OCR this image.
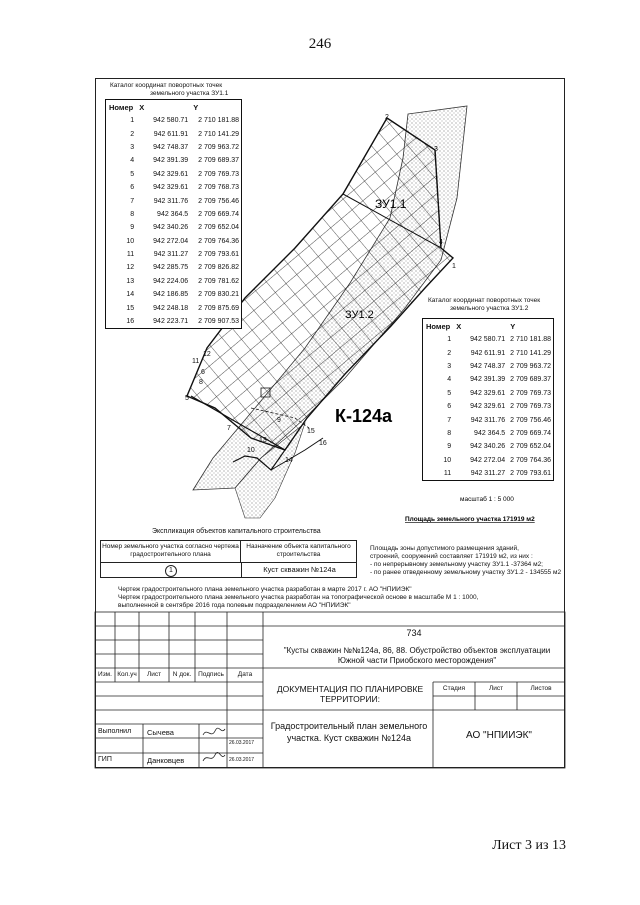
246
1
2
3
4
5
6
7
8
9
10
11
12
13
14
15
16
ЗУ1.1
ЗУ1.2
К-124а
масштаб 1 : 5 000
Площадь земельного участка 171919 м2
Каталог координат поворотных точек
земельного участка ЗУ1.1
Номер	X	Y
1	942 580.71	2 710 181.88
2	942 611.91	2 710 141.29
3	942 748.37	2 709 963.72
4	942 391.39	2 709 689.37
5	942 329.61	2 709 769.73
6	942 329.61	2 709 768.73
7	942 311.76	2 709 756.46
8	942 364.5	2 709 669.74
9	942 340.26	2 709 652.04
10	942 272.04	2 709 764.36
11	942 311.27	2 709 793.61
12	942 285.75	2 709 826.82
13	942 224.06	2 709 781.62
14	942 186.85	2 709 830.21
15	942 248.18	2 709 875.69
16	942 223.71	2 709 907.53
Каталог координат поворотных точек
земельного участка ЗУ1.2
Номер	X	Y
1	942 580.71	2 710 181.88
2	942 611.91	2 710 141.29
3	942 748.37	2 709 963.72
4	942 391.39	2 709 689.37
5	942 329.61	2 709 769.73
6	942 329.61	2 709 769.73
7	942 311.76	2 709 756.46
8	942 364.5	2 709 669.74
9	942 340.26	2 709 652.04
10	942 272.04	2 709 764.36
11	942 311.27	2 709 793.61
Экспликация объектов капитального строительства
Номер земельного участка согласно чертежа градостроительного плана
Назначение объекта капитального строительства
1	Куст скважин №124а
Площадь зоны допустимого размещения зданий,
строений, сооружений составляет 171919 м2, из них :
- по непрерывному земельному участку ЗУ1.1 -37364 м2;
- по ранее отведенному земельному участку ЗУ1.2 - 134555 м2
Чертеж градостроительного плана земельного участка разработан в марте 2017 г. АО "НПИИЭК"
Чертеж градостроительного плана земельного участка разработан на топографической основе в масштабе М 1 : 1000,
выполненной в сентябре 2016 года полевым подразделением АО "НПИИЭК"
734
"Кусты скважин №№124а, 86, 88. Обустройство объектов эксплуатации Южной части Приобского месторождения"
Изм. Кол.уч	Лист	N док.	Подпись	Дата
ДОКУМЕНТАЦИЯ ПО ПЛАНИРОВКЕ ТЕРРИТОРИИ:
Стадия	Лист	Листов
Градостроительный план земельного участка. Куст скважин №124а	АО "НПИИЭК"
Выполнил Сычева
26.03.2017
ГИП	Данковцев	26.03.2017
Лист 3 из 13
